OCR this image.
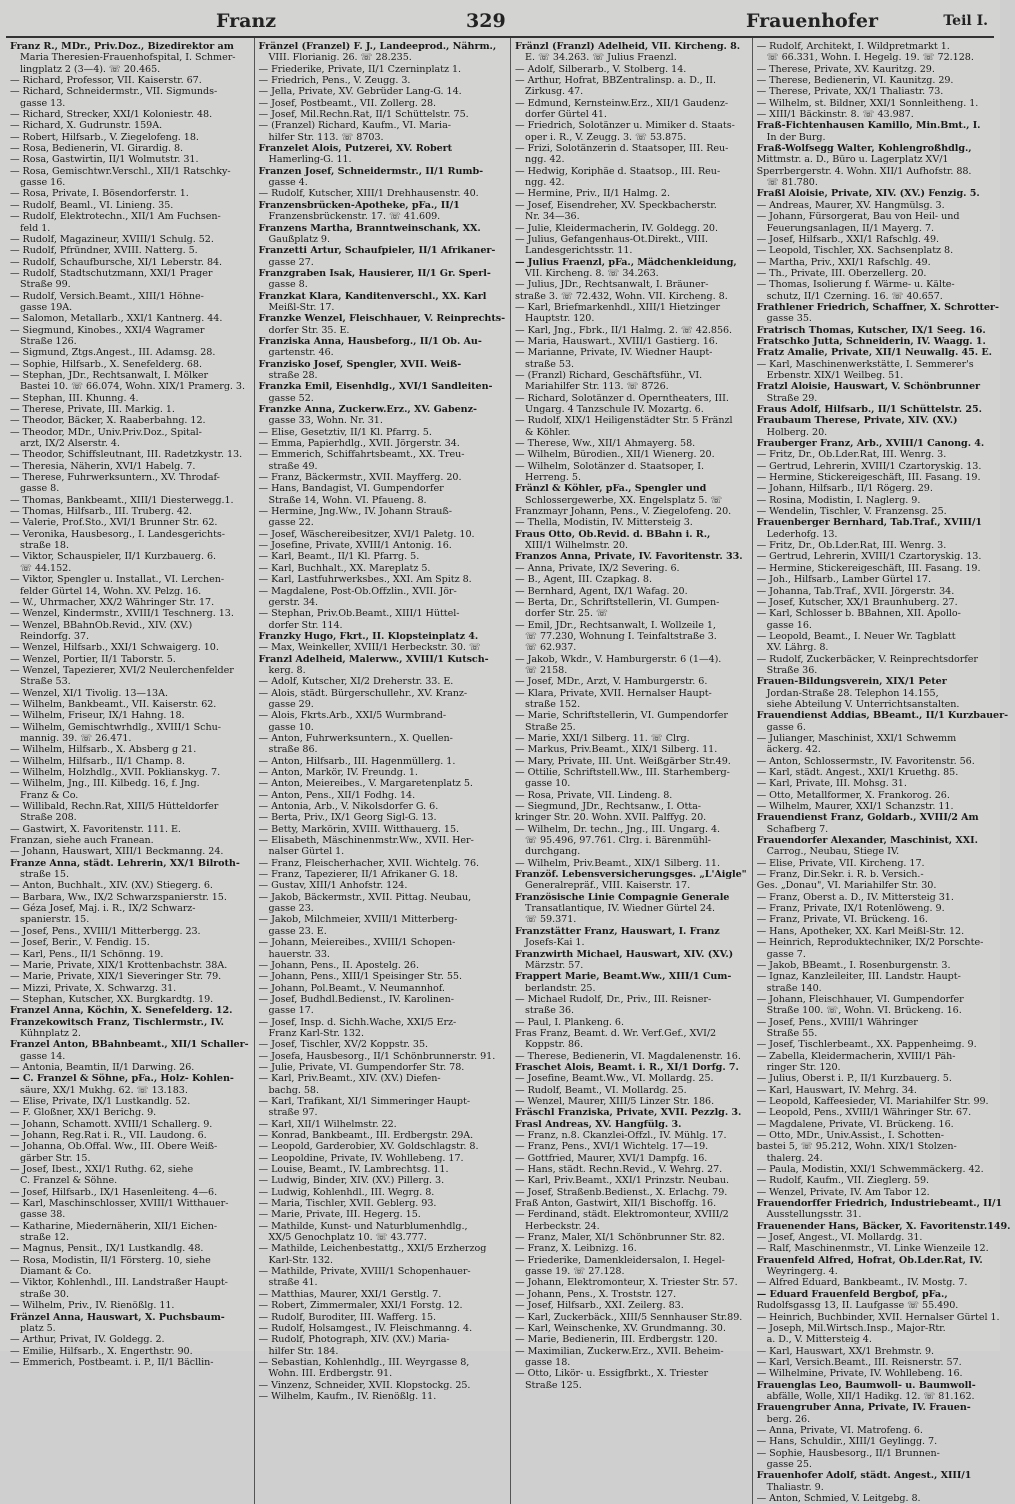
Franz	329	Frauenhofer	Teil I.
Franz R., MDr., Priv.Doz., Bizedirektor am
Maria Theresien-Frauenhofspital, I. Schmer-
lingplatz 2 (3—4). ☏ 20.465.
— Richard, Professor, VII. Kaiserstr. 67.
— Richard, Schneidermstr., VII. Sigmunds-
gasse 13.
— Richard, Strecker, XXI/1 Koloniestr. 48.
— Richard, X. Gudrunstr. 159A.
— Robert, Hilfsarb., V. Ziegelofeng. 18.
— Rosa, Bedienerin, VI. Girardig. 8.
— Rosa, Gastwirtin, II/1 Wolmutstr. 31.
— Rosa, Gemischtwr.Verschl., XII/1 Ratschky-
gasse 16.
— Rosa, Private, I. Bösendorferstr. 1.
— Rudolf, Beaml., VI. Linieng. 35.
— Rudolf, Elektrotechn., XII/1 Am Fuchsen-
feld 1.
— Rudolf, Magazineur, XVIII/1 Schulg. 52.
— Rudolf, Pfründner, XVIII. Natterg. 5.
— Rudolf, Schaufbursche, XI/1 Leberstr. 84.
— Rudolf, Stadtschutzmann, XXI/1 Prager
Straße 99.
— Rudolf, Versich.Beamt., XIII/1 Höhne-
gasse 19A.
— Salomon, Metallarb., XXI/1 Kantnerg. 44.
— Siegmund, Kinobes., XXI/4 Wagramer
Straße 126.
— Sigmund, Ztgs.Angest., III. Adamsg. 28.
— Sophie, Hilfsarb., X. Senefelderg. 68.
— Stephan, JDr., Rechtsanwalt, I. Mölker
Bastei 10. ☏ 66.074, Wohn. XIX/1 Pramerg. 3.
— Stephan, III. Khunng. 4.
— Therese, Private, III. Markig. 1.
— Theodor, Bäcker, X. Raaberbahng. 12.
— Theodor, MDr., Univ.Priv.Doz., Spital-
arzt, IX/2 Alserstr. 4.
— Theodor, Schiffsleutnant, III. Radetzkystr. 13.
— Theresia, Näherin, XVI/1 Habelg. 7.
— Therese, Fuhrwerksuntern., XV. Throdaf-
gasse 8.
— Thomas, Bankbeamt., XIII/1 Diesterwegg.1.
— Thomas, Hilfsarb., III. Truberg. 42.
— Valerie, Prof.Sto., XVI/1 Brunner Str. 62.
— Veronika, Hausbesorg., I. Landesgerichts-
straße 18.
— Viktor, Schauspieler, II/1 Kurzbauerg. 6.
☏ 44.152.
— Viktor, Spengler u. Installat., VI. Lerchen-
felder Gürtel 14, Wohn. XV. Pelzg. 16.
— W., Uhrmacher, XX/2 Währinger Str. 17.
— Wenzel, Kindermstr., XVIII/1 Teschnerg. 13.
— Wenzel, BBahnOb.Revid., XIV. (XV.)
Reindorfg. 37.
— Wenzel, Hilfsarb., XXI/1 Schwaigerg. 10.
— Wenzel, Portier, II/1 Taborstr. 5.
— Wenzel, Tapezierer, XVI/2 Neulerchenfelder
Straße 53.
— Wenzel, XI/1 Tivolig. 13—13A.
— Wilhelm, Bankbeamt., VII. Kaiserstr. 62.
— Wilhelm, Friseur, IX/1 Hahng. 18.
— Wilhelm, Gemischtwrhdlg., XVIII/1 Schu-
mannig. 39. ☏ 26.471.
— Wilhelm, Hilfsarb., X. Absberg g 21.
— Wilhelm, Hilfsarb., II/1 Champ. 8.
— Wilhelm, Holzhdlg., XVII. Poklianskyg. 7.
— Wilhelm, Jng., III. Kilbedg. 16, f. Jng.
Franz & Co.
— Willibald, Rechn.Rat, XIII/5 Hütteldorfer
Straße 208.
— Gastwirt, X. Favoritenstr. 111. E.
Franzan, siehe auch Franean.
— Johann, Hauswart, XIII/1 Beckmanng. 24.
Franze Anna, städt. Lehrerin, XX/1 Bilroth-
straße 15.
— Anton, Buchhalt., XIV. (XV.) Stiegerg. 6.
— Barbara, Ww., IX/2 Schwarzspanierstr. 15.
— Géza Josef, Maj. i. R., IX/2 Schwarz-
spanierstr. 15.
— Josef, Pens., XVIII/1 Mitterbergg. 23.
— Josef, Berir., V. Fendig. 15.
— Karl, Pens., II/1 Schönng. 19.
— Marie, Private, XIX/1 Krottenbachstr. 38A.
— Marie, Private, XIX/1 Sieveringer Str. 79.
— Mizzi, Private, X. Schwarzg. 31.
— Stephan, Kutscher, XX. Burgkardtg. 19.
Franzel Anna, Köchin, X. Senefelderg. 12.
Franzekowitsch Franz, Tischlermstr., IV.
Kühnplatz 2.
Franzel Anton, BBahnbeamt., XII/1 Schaller-
gasse 14.
— Antonia, Beamtin, II/1 Darwing. 26.
— C. Franzel & Söhne, pFa., Holz- Kohlen-
säure, XX/1 Mukhg. 62. ☏ 13.183.
— Elise, Private, IX/1 Lustkandlg. 52.
— F. Gloßner, XX/1 Berichg. 9.
— Johann, Schamott. XVIII/1 Schallerg. 9.
— Johann, Reg.Rat i. R., VII. Laudong. 6.
— Johanna, Ob.Offal. Ww., III. Obere Weiß-
gärber Str. 15.
— Josef, Ibest., XXI/1 Ruthg. 62, siehe
C. Franzel & Söhne.
— Josef, Hilfsarb., IX/1 Hasenleiteng. 4—6.
— Karl, Maschinschlosser, XVIII/1 Witthauer-
gasse 38.
— Katharine, Miedernäherin, XII/1 Eichen-
straße 12.
— Magnus, Pensit., IX/1 Lustkandlg. 48.
— Rosa, Modistin, II/1 Försterg. 10, siehe
Diamant & Co.
— Viktor, Kohlenhdl., III. Landstraßer Haupt-
straße 30.
— Wilhelm, Priv., IV. Rienößlg. 11.
Fränzel Anna, Hauswart, X. Puchsbaum-
platz 5.
— Arthur, Privat, IV. Goldegg. 2.
— Emilie, Hilfsarb., X. Engerthstr. 90.
— Emmerich, Postbeamt. i. P., II/1 Bäcllin-
Fränzel (Franzel) F. J., Landeeprod., Nährm.,
VIII. Florianig. 26. ☏ 28.235.
— Friederike, Private, II/1 Czerninplatz 1.
— Friedrich, Pens., V. Zeugg. 3.
— Jella, Private, XV. Gebrüder Lang-G. 14.
— Josef, Postbeamt., VII. Zollerg. 28.
— Josef, Mil.Rechn.Rat, II/1 Schüttelstr. 75.
— (Franzel) Richard, Kaufm., VI. Maria-
hilfer Str. 113. ☏ 8703.
Franzelet Alois, Putzerei, XV. Robert
Hamerling-G. 11.
Franzen Josef, Schneidermstr., II/1 Rumb-
gasse 4.
— Rudolf, Kutscher, XIII/1 Drehhausenstr. 40.
Franzensbrücken-Apotheke, pFa., II/1
Franzensbrückenstr. 17. ☏ 41.609.
Franzens Martha, Branntweinschank, XX.
Gaußplatz 9.
Franzetti Artur, Schaufpieler, II/1 Afrikaner-
gasse 27.
Franzgraben Isak, Hausierer, II/1 Gr. Sperl-
gasse 8.
Franzkat Klara, Kanditenverschl., XX. Karl
Meißl-Str. 17.
Franzke Wenzel, Fleischhauer, V. Reinprechts-
dorfer Str. 35. E.
Franziska Anna, Hausbeforg., II/1 Ob. Au-
gartenstr. 46.
Franzisko Josef, Spengler, XVII. Weiß-
straße 28.
Franzka Emil, Eisenhdlg., XVI/1 Sandleiten-
gasse 52.
Franzke Anna, Zuckerw.Erz., XV. Gabenz-
gasse 33, Wohn. Nr. 31.
— Elise, Gesetztiv, II/1 Kl. Pfarrg. 5.
— Emma, Papierhdlg., XVII. Jörgerstr. 34.
— Emmerich, Schiffahrtsbeamt., XX. Treu-
straße 49.
— Franz, Bäckermstr., XVII. Mayfferg. 20.
— Hans, Bandagist, VI. Gumpendorfer
Straße 14, Wohn. VI. Pfaueng. 8.
— Hermine, Jng.Ww., IV. Johann Strauß-
gasse 22.
— Josef, Wäschereibesitzer, XVI/1 Paletg. 10.
— Josefine, Private, XVIII/1 Antonig. 16.
— Karl, Beamt., II/1 Kl. Pfarrg. 5.
— Karl, Buchhalt., XX. Mareplatz 5.
— Karl, Lastfuhrwerksbes., XXI. Am Spitz 8.
— Magdalene, Post-Ob.Offzlin., XVII. Jör-
gerstr. 34.
— Stephan, Priv.Ob.Beamt., XIII/1 Hüttel-
dorfer Str. 114.
Franzky Hugo, Fkrt., II. Klopsteinplatz 4.
— Max, Weinkeller, XVIII/1 Herbeckstr. 30. ☏
Franzl Adelheid, Malerww., XVIII/1 Kutsch-
kerg. 8.
— Adolf, Kutscher, XI/2 Dreherstr. 33. E.
— Alois, städt. Bürgerschullehr., XV. Kranz-
gasse 29.
— Alois, Fkrts.Arb., XXI/5 Wurmbrand-
gasse 10.
— Anton, Fuhrwerksuntern., X. Quellen-
straße 86.
— Anton, Hilfsarb., III. Hagenmüllerg. 1.
— Anton, Markör, IV. Freundg. 1.
— Anton, Meiereibes., V. Margaretenplatz 5.
— Anton, Pens., XII/1 Fodhg. 14.
— Antonia, Arb., V. Nikolsdorfer G. 6.
— Berta, Priv., IX/1 Georg Sigl-G. 13.
— Betty, Markörin, XVIII. Witthauerg. 15.
— Elisabeth, Mäschinenmstr.Ww., XVII. Her-
nalser Gürtel 1.
— Franz, Fleischerhacher, XVII. Wichtelg. 76.
— Franz, Tapezierer, II/1 Afrikaner G. 18.
— Gustav, XIII/1 Anhofstr. 124.
— Jakob, Bäckermstr., XVII. Pittag. Neubau,
gasse 23.
— Jakob, Milchmeier, XVIII/1 Mitterberg-
gasse 23. E.
— Johann, Meiereibes., XVIII/1 Schopen-
hauerstr. 33.
— Johann, Pens., II. Apostelg. 26.
— Johann, Pens., XIII/1 Speisinger Str. 55.
— Johann, Pol.Beamt., V. Neumannhof.
— Josef, Budhdl.Bedienst., IV. Karolinen-
gasse 17.
— Josef, Insp. d. Sichh.Wache, XXI/5 Erz-
Franz Karl-Str. 132.
— Josef, Tischler, XV/2 Koppstr. 35.
— Josefa, Hausbesorg., II/1 Schönbrunnerstr. 91.
— Julie, Private, VI. Gumpendorfer Str. 78.
— Karl, Priv.Beamt., XIV. (XV.) Diefen-
bachg. 58.
— Karl, Trafikant, XI/1 Simmeringer Haupt-
straße 97.
— Karl, XII/1 Wilhelmstr. 22.
— Konrad, Bankbeamt., III. Erdbergstr. 29A.
— Leopold, Garderobier, XV. Goldschlagstr. 8.
— Leopoldine, Private, IV. Wohllebeng. 17.
— Louise, Beamt., IV. Lambrechtsg. 11.
— Ludwig, Binder, XIV. (XV.) Pillerg. 3.
— Ludwig, Kohlenhdl., III. Wegrg. 8.
— Maria, Tischler, XVII. Geblerg. 93.
— Marie, Private, III. Hegerg. 15.
— Mathilde, Kunst- und Naturblumenhdlg.,
XX/5 Genochplatz 10. ☏ 43.777.
— Mathilde, Leichenbestattg., XXI/5 Erzherzog
Karl-Str. 132.
— Mathilde, Private, XVIII/1 Schopenhauer-
straße 41.
— Matthias, Maurer, XXI/1 Gerstlg. 7.
— Robert, Zimmermaler, XXI/1 Forstg. 12.
— Rudolf, Buroditer, III. Wafferg. 15.
— Rudolf, Holsamgest., IV. Fleischmanng. 4.
— Rudolf, Photograph, XIV. (XV.) Maria-
hilfer Str. 184.
— Sebastian, Kohlenhdlg., III. Weyrgasse 8,
Wohn. III. Erdbergstr. 91.
— Vinzenz, Schneider, XVII. Klopstockg. 25.
— Wilhelm, Kaufm., IV. Rienößlg. 11.
Fränzl (Franzl) Adelheid, VII. Kircheng. 8.
E. ☏ 34.263. ☏ Julius Fraenzl.
— Adolf, Silberarb., V. Stolberg. 14.
— Arthur, Hofrat, BBZentralinsp. a. D., II.
Zirkusg. 47.
— Edmund, Kernsteinw.Erz., XII/1 Gaudenz-
dorfer Gürtel 41.
— Friedrich, Solotänzer u. Mimiker d. Staats-
oper i. R., V. Zeugg. 3. ☏ 53.875.
— Frizi, Solotänzerin d. Staatsoper, III. Reu-
ngg. 42.
— Hedwig, Koriphäe d. Staatsop., III. Reu-
ngg. 42.
— Hermine, Priv., II/1 Halmg. 2.
— Josef, Eisendreher, XV. Speckbacherstr.
Nr. 34—36.
— Julie, Kleidermacherin, IV. Goldegg. 20.
— Julius, Gefangenhaus-Ot.Direkt., VIII.
Landesgerichtsstr. 11.
— Julius Fraenzl, pFa., Mädchenkleidung,
VII. Kircheng. 8. ☏ 34.263.
— Julius, JDr., Rechtsanwalt, I. Bräuner-
straße 3. ☏ 72.432, Wohn. VII. Kircheng. 8.
— Karl, Briefmarkenhdl., XIII/1 Hietzinger
Hauptstr. 120.
— Karl, Jng., Fbrk., II/1 Halmg. 2. ☏ 42.856.
— Maria, Hauswart., XVIII/1 Gastierg. 16.
— Marianne, Private, IV. Wiedner Haupt-
straße 53.
— (Franzl) Richard, Geschäftsführ., VI.
Mariahilfer Str. 113. ☏ 8726.
— Richard, Solotänzer d. Operntheaters, III.
Ungarg. 4 Tanzschule IV. Mozartg. 6.
— Rudolf, XIX/1 Heiligenstädter Str. 5 Fränzl
& Köhler.
— Therese, Ww., XII/1 Ahmayerg. 58.
— Wilhelm, Bürodien., XII/1 Wienerg. 20.
— Wilhelm, Solotänzer d. Staatsoper, I.
Herreng. 5.
Fränzl & Köhler, pFa., Spengler und
Schlossergewerbe, XX. Engelsplatz 5. ☏
Franzmayr Johann, Pens., V. Ziegelofeng. 20.
— Thella, Modistin, IV. Mittersteig 3.
Fraus Otto, Ob.Revid. d. BBahn i. R.,
XIII/1 Wilhelmstr. 20.
Franzos Anna, Private, IV. Favoritenstr. 33.
— Anna, Private, IX/2 Severing. 6.
— B., Agent, III. Czapkag. 8.
— Bernhard, Agent, IX/1 Wafag. 20.
— Berta, Dr., Schriftstellerin, VI. Gumpen-
dorfer Str. 25. ☏
— Emil, JDr., Rechtsanwalt, I. Wollzeile 1,
☏ 77.230, Wohnung I. Teinfaltstraße 3.
☏ 62.937.
— Jakob, Wkdr., V. Hamburgerstr. 6 (1—4).
☏ 2158.
— Josef, MDr., Arzt, V. Hamburgerstr. 6.
— Klara, Private, XVII. Hernalser Haupt-
straße 152.
— Marie, Schriftstellerin, VI. Gumpendorfer
Straße 25.
— Marie, XXI/1 Silberg. 11. ☏ Clrg.
— Markus, Priv.Beamt., XIX/1 Silberg. 11.
— Mary, Private, III. Unt. Weißgärber Str.49.
— Ottilie, Schriftstell.Ww., III. Starhemberg-
gasse 10.
— Rosa, Private, VII. Lindeng. 8.
— Siegmund, JDr., Rechtsanw., I. Otta-
kringer Str. 20. Wohn. XVII. Palffyg. 20.
— Wilhelm, Dr. techn., Jng., III. Ungarg. 4.
☏ 95.496, 97.761. Clrg. i. Bärenmühl-
durchgang.
— Wilhelm, Priv.Beamt., XIX/1 Silberg. 11.
Franzöf. Lebensversicherungsges. „L'Aigle"
Generalrepräf., VIII. Kaiserstr. 17.
Französische Linie Compagnie Generale
Transatlantique, IV. Wiedner Gürtel 24.
☏ 59.371.
Franzstätter Franz, Hauswart, I. Franz
Josefs-Kai 1.
Franzwirth Michael, Hauswart, XIV. (XV.)
Märzstr. 57.
Frappert Marie, Beamt.Ww., XIII/1 Cum-
berlandstr. 25.
— Michael Rudolf, Dr., Priv., III. Reisner-
straße 36.
— Paul, I. Plankeng. 6.
Fras Franz, Beamt. d. Wr. Verf.Gef., XVI/2
Koppstr. 86.
— Therese, Bedienerin, VI. Magdalenenstr. 16.
Fraschet Alois, Beamt. i. R., XI/1 Dorfg. 7.
— Josefine, Beamt.Ww., VI. Mollardg. 25.
— Rudolf, Beamt., VI. Mollardg. 25.
— Wenzel, Maurer, XIII/5 Linzer Str. 186.
Fräschl Franziska, Private, XVII. Pezzlg. 3.
Frasl Andreas, XV. Hangfülg. 3.
— Franz, n.8. Ckanzlei-Offzl., IV. Mühlg. 17.
— Franz, Pens., XVI/1 Wichtelg. 17—19.
— Gottfried, Maurer, XVI/1 Dampfg. 16.
— Hans, städt. Rechn.Revid., V. Wehrg. 27.
— Karl, Priv.Beamt., XXI/1 Prinzstr. Neubau.
— Josef, Straßenb.Bedienst., X. Erlachg. 79.
Fraß Anton, Gastwirt, XII/1 Bischoffg. 16.
— Ferdinand, städt. Elektromonteur, XVIII/2
Herbeckstr. 24.
— Franz, Maler, XI/1 Schönbrunner Str. 82.
— Franz, X. Leibnizg. 16.
— Friederike, Damenkleidersalon, I. Hegel-
gasse 19. ☏ 27.128.
— Johann, Elektromonteur, X. Triester Str. 57.
— Johann, Pens., X. Troststr. 127.
— Josef, Hilfsarb., XXI. Zeilerg. 83.
— Karl, Zuckerbäck., XIII/5 Sennhauser Str.89.
— Karl, Weinschenke, XV. Grundmanng. 30.
— Marie, Bedienerin, III. Erdbergstr. 120.
— Maximilian, Zuckerw.Erz., XVII. Beheim-
gasse 18.
— Otto, Likör- u. Essigfbrkt., X. Triester
Straße 125.
— Rudolf, Architekt, I. Wildpretmarkt 1.
☏ 66.331, Wohn. I. Hegelg. 19. ☏ 72.128.
— Therese, Private, XV. Kauritzg. 29.
— Therese, Bedienerin, VI. Kaunitzg. 29.
— Therese, Private, XX/1 Thaliastr. 73.
— Wilhelm, st. Bildner, XXI/1 Sonnleitheng. 1.
— XIII/1 Bäckinstr. 8. ☏ 43.987.
Fraß-Fichtenhausen Kamillo, Min.Bmt., I.
In der Burg.
Fraß-Wolfsegg Walter, Kohlengroßhdlg.,
Mittmstr. a. D., Büro u. Lagerplatz XV/1
Sperrbergerstr. 4. Wohn. XII/1 Aufhofstr. 88.
☏ 81.780.
Fraßl Aloisie, Private, XIV. (XV.) Fenzig. 5.
— Andreas, Maurer, XV. Hangmülsg. 3.
— Johann, Fürsorgerat, Bau von Heil- und
Feuerungsanlagen, II/1 Mayerg. 7.
— Josef, Hilfsarb., XXI/1 Rafschlg. 49.
— Leopold, Tischler, XX. Sachsenplatz 8.
— Martha, Priv., XXI/1 Rafschlg. 49.
— Th., Private, III. Oberzellerg. 20.
— Thomas, Isolierung f. Wärme- u. Kälte-
schutz, II/1 Czerning. 16. ☏ 40.657.
Frathlener Friedrich, Schaffner, X. Schrotter-
gasse 35.
Fratrisch Thomas, Kutscher, IX/1 Seeg. 16.
Fratschko Jutta, Schneiderin, IV. Waagg. 1.
Fratz Amalie, Private, XII/1 Neuwallg. 45. E.
— Karl, Maschinenwerkstätte, I. Semmerer's
Erbenstr. XIX/1 Weilbeg. 51.
Fratzl Aloisie, Hauswart, V. Schönbrunner
Straße 29.
Fraus Adolf, Hilfsarb., II/1 Schüttelstr. 25.
Fraubaum Therese, Private, XIV. (XV.)
Holberg. 20.
Frauberger Franz, Arb., XVIII/1 Canong. 4.
— Fritz, Dr., Ob.Lder.Rat, III. Wenrg. 3.
— Gertrud, Lehrerin, XVIII/1 Czartoryskig. 13.
— Hermine, Stickereigeschäft, III. Fasang. 19.
— Johann, Hilfsarb., II/1 Rögerg. 29.
— Rosina, Modistin, I. Naglerg. 9.
— Wendelin, Tischler, V. Franzensg. 25.
Frauenberger Bernhard, Tab.Traf., XVIII/1
Lederhofg. 13.
— Fritz, Dr., Ob.Lder.Rat, III. Wenrg. 3.
— Gertrud, Lehrerin, XVIII/1 Czartoryskig. 13.
— Hermine, Stickereigeschäft, III. Fasang. 19.
— Joh., Hilfsarb., Lamber Gürtel 17.
— Johanna, Tab.Traf., XVII. Jörgerstr. 34.
— Josef, Kutscher, XX/1 Braunhuberg. 27.
— Karl, Schlosser b. BBahnen, XII. Apollo-
gasse 16.
— Leopold, Beamt., I. Neuer Wr. Tagblatt
XV. Lährg. 8.
— Rudolf, Zuckerbäcker, V. Reinprechtsdorfer
Straße 36.
Frauen-Bildungsverein, XIX/1 Peter
Jordan-Straße 28. Telephon 14.155,
siehe Abteilung V. Unterrichtsanstalten.
Frauendienst Addias, BBeamt., II/1 Kurzbauer-
gasse 6.
— Julianger, Maschinist, XXI/1 Schwemm
äckerg. 42.
— Anton, Schlossermstr., IV. Favoritenstr. 56.
— Karl, städt. Angest., XXI/1 Kruethg. 85.
— Karl, Private, III. Mohsg. 31.
— Otto, Metallformer, X. Frankorog. 26.
— Wilhelm, Maurer, XXI/1 Schanzstr. 11.
Frauendienst Franz, Goldarb., XVIII/2 Am
Schafberg 7.
Frauendorfer Alexander, Maschinist, XXI.
Carrog., Neubau, Stiege IV.
— Elise, Private, VII. Kircheng. 17.
— Franz, Dir.Sekr. i. R. b. Versich.-
Ges. „Donau", VI. Mariahilfer Str. 30.
— Franz, Oberst a. D., IV. Mittersteig 31.
— Franz, Private, IX/1 Rotenlöweng. 9.
— Franz, Private, VI. Brückeng. 16.
— Hans, Apotheker, XX. Karl Meißl-Str. 12.
— Heinrich, Reproduktechniker, IX/2 Porschte-
gasse 7.
— Jakob, BBeamt., I. Rosenburgenstr. 3.
— Ignaz, Kanzleileiter, III. Landstr. Haupt-
straße 140.
— Johann, Fleischhauer, VI. Gumpendorfer
Straße 100. ☏, Wohn. VI. Brückeng. 16.
— Josef, Pens., XVIII/1 Währinger
Straße 55.
— Josef, Tischlerbeamt., XX. Pappenheimg. 9.
— Zabella, Kleidermacherin, XVIII/1 Päh-
ringer Str. 120.
— Julius, Oberst i. P., II/1 Kurzbauerg. 5.
— Karl, Hauswart, IV. Mehrg. 34.
— Leopold, Kaffeesieder, VI. Mariahilfer Str. 99.
— Leopold, Pens., XVIII/1 Währinger Str. 67.
— Magdalene, Private, VI. Brückeng. 16.
— Otto, MDr., Univ.Assist., I. Schotten-
bastei 5, ☏ 95.212, Wohn. XIX/1 Stolzen-
thalerg. 24.
— Paula, Modistin, XXI/1 Schwemmäckerg. 42.
— Rudolf, Kaufm., VII. Zieglerg. 59.
— Wenzel, Private, IV. Am Tabor 12.
Frauendorffer Friedrich, Industriebeamt., II/1
Ausstellungsstr. 31.
Frauenender Hans, Bäcker, X. Favoritenstr.149.
— Josef, Angest., VI. Mollardg. 31.
— Ralf, Maschinenmstr., VI. Linke Wienzeile 12.
Frauenfeld Alfred, Hofrat, Ob.Lder.Rat, IV.
Weyringerg. 4.
— Alfred Eduard, Bankbeamt., IV. Mostg. 7.
— Eduard Frauenfeld Bergbof, pFa.,
Rudolfsgassg 13, II. Laufgasse ☏ 55.490.
— Heinrich, Buchbinder, XVII. Hernalser Gürtel 1.
— Joseph, Mil.Wirtsch.Insp., Major-Rtr.
a. D., V. Mittersteig 4.
— Karl, Hauswart, XX/1 Brehmstr. 9.
— Karl, Versich.Beamt., III. Reisnerstr. 57.
— Wilhelmine, Private, IV. Wohllebeng. 16.
Frauenglas Leo, Baumwoll- u. Baumwoll-
abfälle, Wolle, XII/1 Hadikg. 12. ☏ 81.162.
Frauengruber Anna, Private, IV. Frauen-
berg. 26.
— Anna, Private, VI. Matrofeng. 6.
— Hans, Schuldir., XIII/1 Geylingg. 7.
— Sophie, Hausbesorg., II/1 Brunnen-
gasse 25.
Frauenhofer Adolf, städt. Angest., XIII/1
Thaliastr. 9.
— Anton, Schmied, V. Leitgebg. 8.
